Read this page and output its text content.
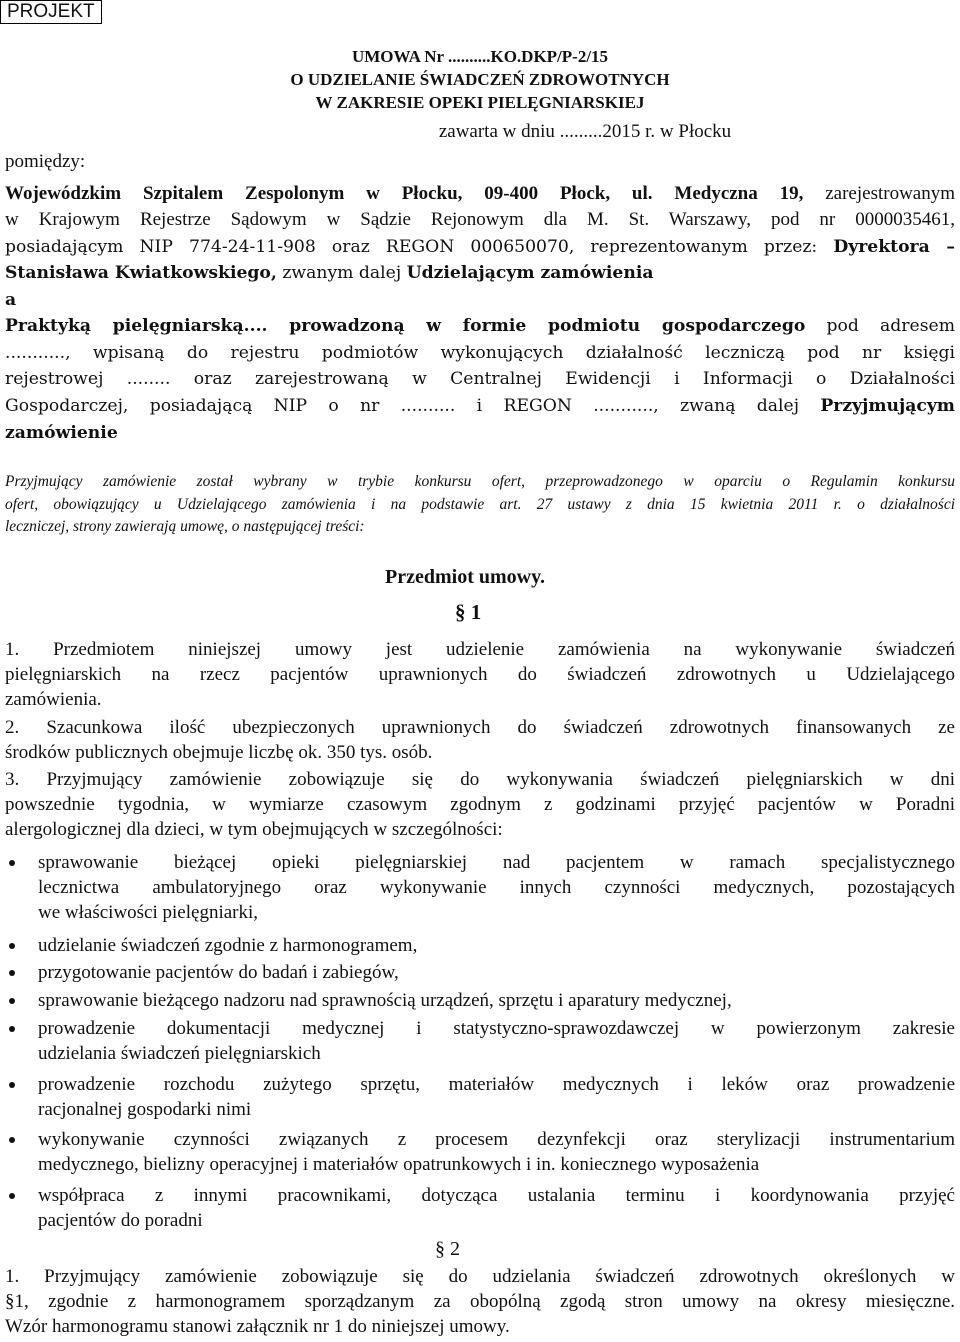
PROJEKT
UMOWA Nr ..........KO.DKP/P-2/15
O UDZIELANIE ŚWIADCZEŃ ZDROWOTNYCH
W ZAKRESIE OPEKI PIELĘGNIARSKIEJ
zawarta w dniu .........2015 r. w Płocku
pomiędzy:
Wojewódzkim Szpitalem Zespolonym w Płocku, 09-400 Płock, ul. Medyczna 19, zarejestrowanym
w Krajowym Rejestrze Sądowym w Sądzie Rejonowym dla M. St. Warszawy, pod nr 0000035461,
posiadającym NIP 774-24-11-908 oraz REGON 000650070, reprezentowanym przez: Dyrektora –
Stanisława Kwiatkowskiego, zwanym dalej Udzielającym zamówienia
a
Praktyką pielęgniarską.... prowadzoną w formie podmiotu gospodarczego pod adresem
..........., wpisaną do rejestru podmiotów wykonujących działalność leczniczą pod nr księgi
rejestrowej ........ oraz zarejestrowaną w Centralnej Ewidencji i Informacji o Działalności
Gospodarczej, posiadającą NIP o nr .......... i REGON ..........., zwaną dalej Przyjmującym
zamówienie
Przyjmujący zamówienie został wybrany w trybie konkursu ofert, przeprowadzonego w oparciu o Regulamin konkursu
ofert, obowiązujący u Udzielającego zamówienia i na podstawie art. 27 ustawy z dnia 15 kwietnia 2011 r. o działalności
leczniczej, strony zawierają umowę, o następującej treści:
Przedmiot umowy.
§ 1
1. Przedmiotem niniejszej umowy jest udzielenie zamówienia na wykonywanie świadczeń
pielęgniarskich na rzecz pacjentów uprawnionych do świadczeń zdrowotnych u Udzielającego
zamówienia.
2. Szacunkowa ilość ubezpieczonych uprawnionych do świadczeń zdrowotnych finansowanych ze
środków publicznych obejmuje liczbę ok. 350 tys. osób.
3. Przyjmujący zamówienie zobowiązuje się do wykonywania świadczeń pielęgniarskich w dni
powszednie tygodnia, w wymiarze czasowym zgodnym z godzinami przyjęć pacjentów w Poradni
alergologicznej dla dzieci, w tym obejmujących w szczególności:
sprawowanie bieżącej opieki pielęgniarskiej nad pacjentem w ramach specjalistycznego
lecznictwa ambulatoryjnego oraz wykonywanie innych czynności medycznych, pozostających
we właściwości pielęgniarki,
udzielanie świadczeń zgodnie z harmonogramem,
przygotowanie pacjentów do badań i zabiegów,
sprawowanie bieżącego nadzoru nad sprawnością urządzeń, sprzętu i aparatury medycznej,
prowadzenie dokumentacji medycznej i statystyczno-sprawozdawczej w powierzonym zakresie
udzielania świadczeń pielęgniarskich
prowadzenie rozchodu zużytego sprzętu, materiałów medycznych i leków oraz prowadzenie
racjonalnej gospodarki nimi
wykonywanie czynności związanych z procesem dezynfekcji oraz sterylizacji instrumentarium
medycznego, bielizny operacyjnej i materiałów opatrunkowych i in. koniecznego wyposażenia
współpraca z innymi pracownikami, dotycząca ustalania terminu i koordynowania przyjęć
pacjentów do poradni
§ 2
1. Przyjmujący zamówienie zobowiązuje się do udzielania świadczeń zdrowotnych określonych w
§1, zgodnie z harmonogramem sporządzanym za obopólną zgodą stron umowy na okresy miesięczne.
Wzór harmonogramu stanowi załącznik nr 1 do niniejszej umowy.
